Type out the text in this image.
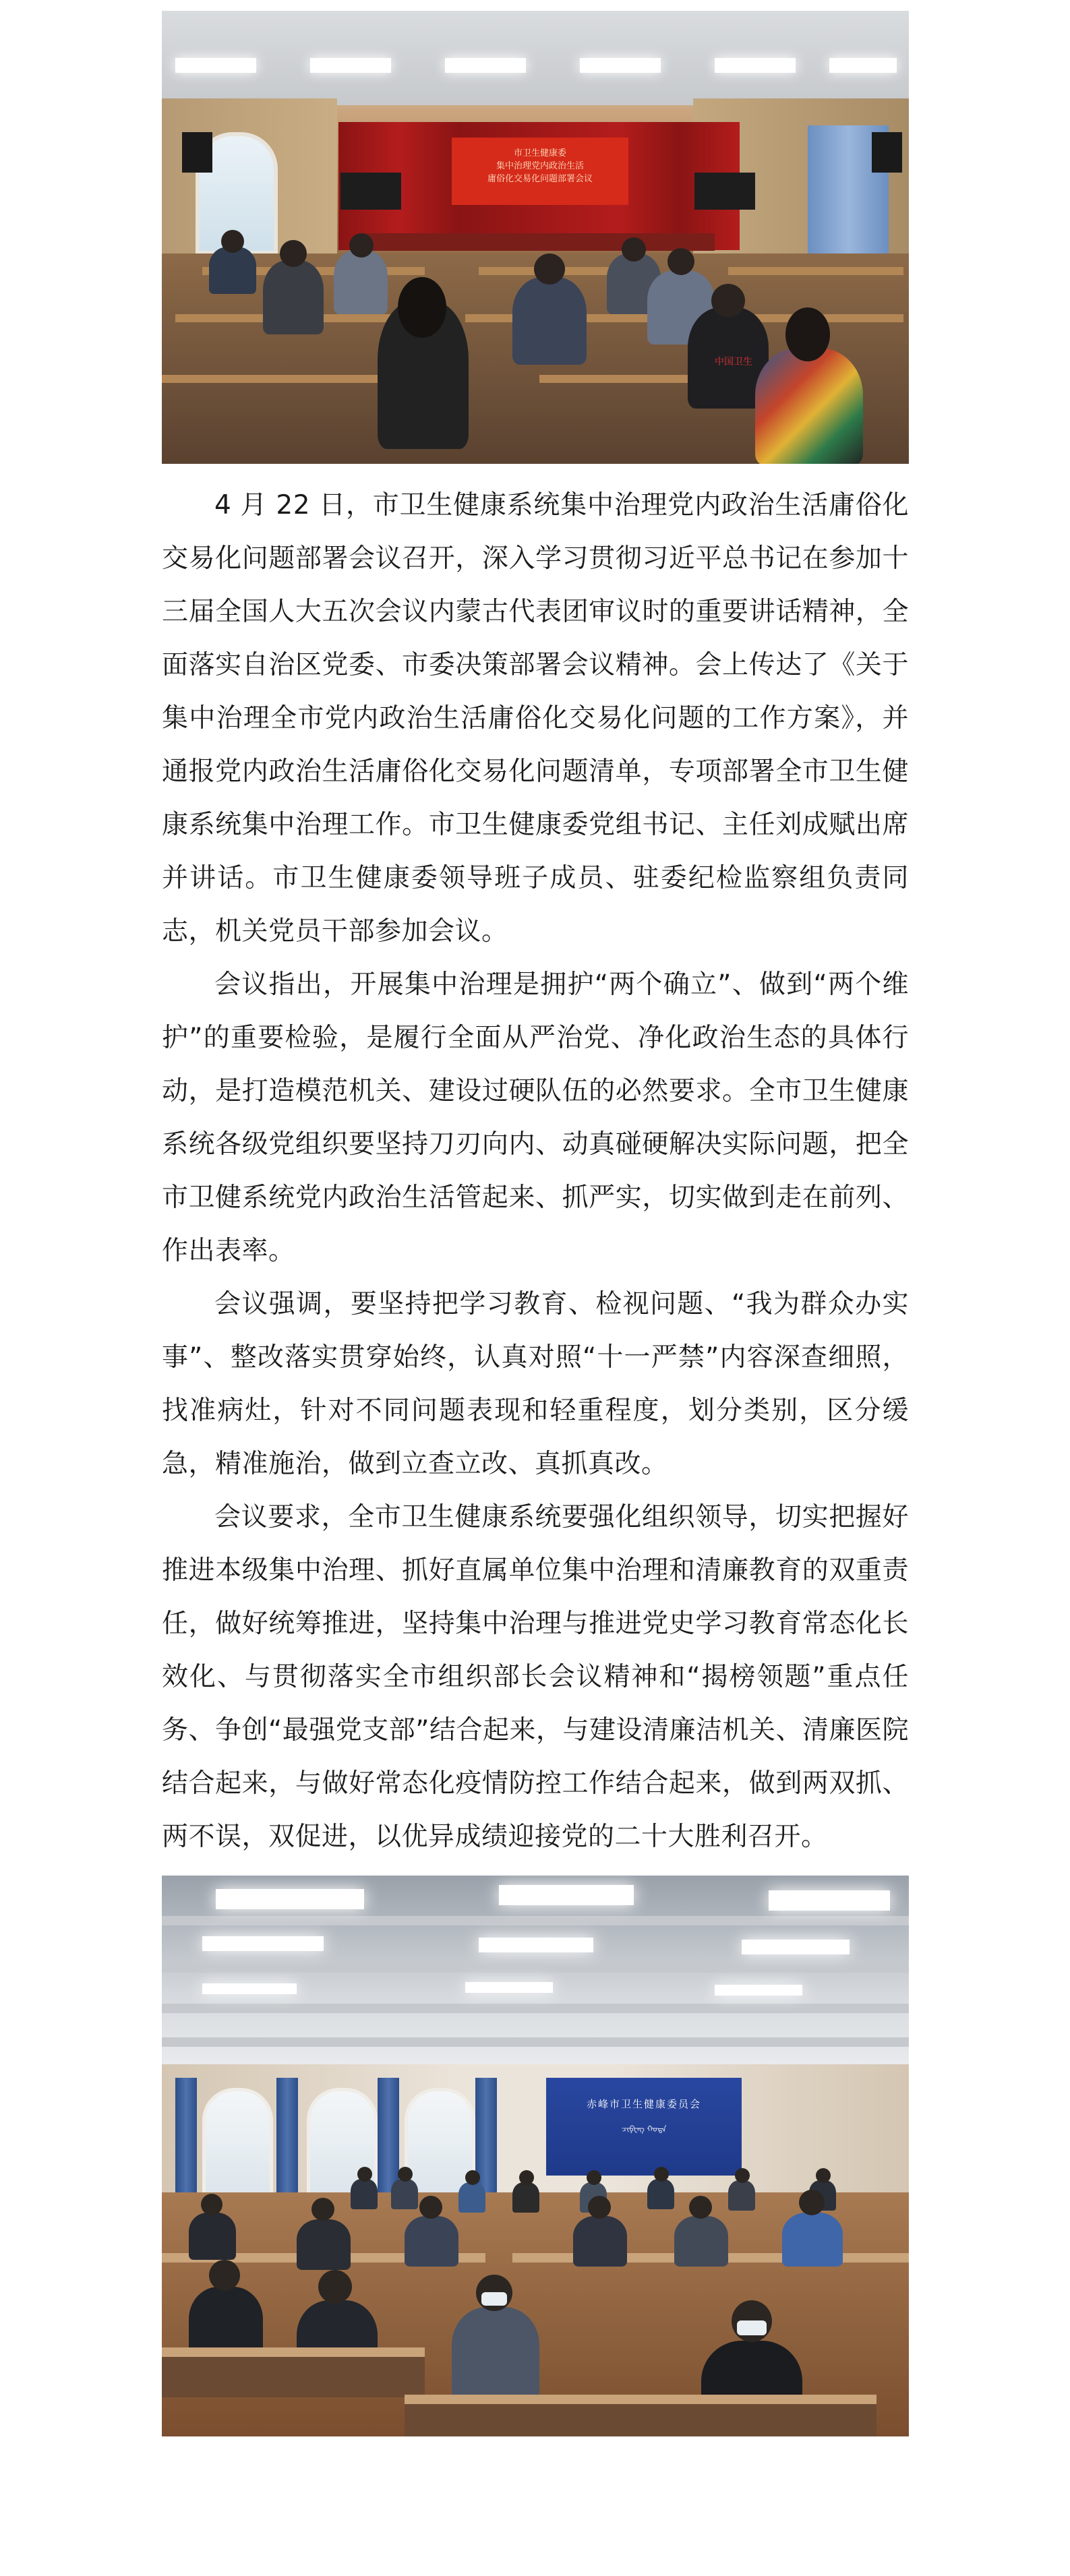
市卫生健康委
集中治理党内政治生活
庸俗化交易化问题部署会议
中国卫生

4 月 22 日，市卫生健康系统集中治理党内政治生活庸俗化交易化问题部署会议召开，深入学习贯彻习近平总书记在参加十三届全国人大五次会议内蒙古代表团审议时的重要讲话精神，全面落实自治区党委、市委决策部署会议精神。会上传达了《关于集中治理全市党内政治生活庸俗化交易化问题的工作方案》，并通报党内政治生活庸俗化交易化问题清单，专项部署全市卫生健康系统集中治理工作。市卫生健康委党组书记、主任刘成赋出席并讲话。市卫生健康委领导班子成员、驻委纪检监察组负责同志，机关党员干部参加会议。

会议指出，开展集中治理是拥护“两个确立”、做到“两个维护”的重要检验，是履行全面从严治党、净化政治生态的具体行动，是打造模范机关、建设过硬队伍的必然要求。全市卫生健康系统各级党组织要坚持刀刃向内、动真碰硬解决实际问题，把全市卫健系统党内政治生活管起来、抓严实，切实做到走在前列、作出表率。

会议强调，要坚持把学习教育、检视问题、“我为群众办实事”、整改落实贯穿始终，认真对照“十一严禁”内容深查细照，找准病灶，针对不同问题表现和轻重程度，划分类别，区分缓急，精准施治，做到立查立改、真抓真改。

会议要求，全市卫生健康系统要强化组织领导，切实把握好推进本级集中治理、抓好直属单位集中治理和清廉教育的双重责任，做好统筹推进，坚持集中治理与推进党史学习教育常态化长效化、与贯彻落实全市组织部长会议精神和“揭榜领题”重点任务、争创“最强党支部”结合起来，与建设清廉洁机关、清廉医院结合起来，与做好常态化疫情防控工作结合起来，做到两双抓、两不误，双促进，以优异成绩迎接党的二十大胜利召开。

赤峰市卫生健康委员会
ᠴᠢᠹᠧᠩ ᠬᠣᠲᠠ
